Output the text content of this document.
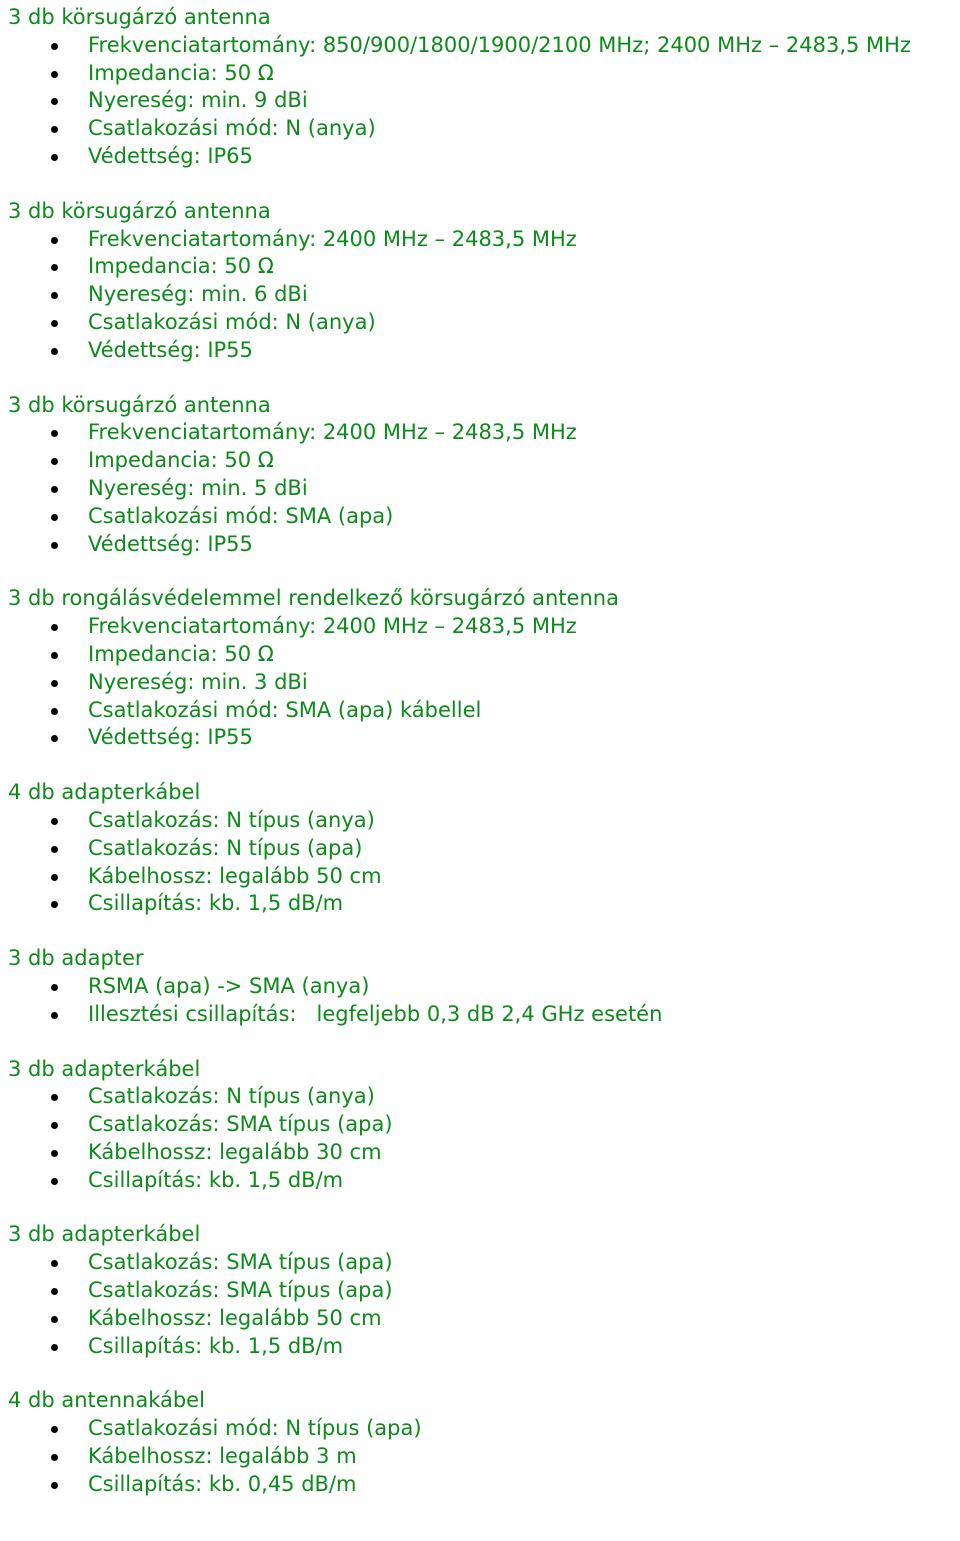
3 db körsugárzó antenna

Frekvenciatartomány: 850/900/1800/1900/2100 MHz; 2400 MHz – 2483,5 MHz
Impedancia: 50 Ω
Nyereség: min. 9 dBi
Csatlakozási mód: N (anya)
Védettség: IP65

3 db körsugárzó antenna

Frekvenciatartomány: 2400 MHz – 2483,5 MHz
Impedancia: 50 Ω
Nyereség: min. 6 dBi
Csatlakozási mód: N (anya)
Védettség: IP55

3 db körsugárzó antenna

Frekvenciatartomány: 2400 MHz – 2483,5 MHz
Impedancia: 50 Ω
Nyereség: min. 5 dBi
Csatlakozási mód: SMA (apa)
Védettség: IP55

3 db rongálásvédelemmel rendelkező körsugárzó antenna

Frekvenciatartomány: 2400 MHz – 2483,5 MHz
Impedancia: 50 Ω
Nyereség: min. 3 dBi
Csatlakozási mód: SMA (apa) kábellel
Védettség: IP55

4 db adapterkábel

Csatlakozás: N típus (anya)
Csatlakozás: N típus (apa)
Kábelhossz: legalább 50 cm
Csillapítás: kb. 1,5 dB/m

3 db adapter

RSMA (apa) -> SMA (anya)
Illesztési csillapítás:   legfeljebb 0,3 dB 2,4 GHz esetén

3 db adapterkábel

Csatlakozás: N típus (anya)
Csatlakozás: SMA típus (apa)
Kábelhossz: legalább 30 cm
Csillapítás: kb. 1,5 dB/m

3 db adapterkábel

Csatlakozás: SMA típus (apa)
Csatlakozás: SMA típus (apa)
Kábelhossz: legalább 50 cm
Csillapítás: kb. 1,5 dB/m

4 db antennakábel

Csatlakozási mód: N típus (apa)
Kábelhossz: legalább 3 m
Csillapítás: kb. 0,45 dB/m
